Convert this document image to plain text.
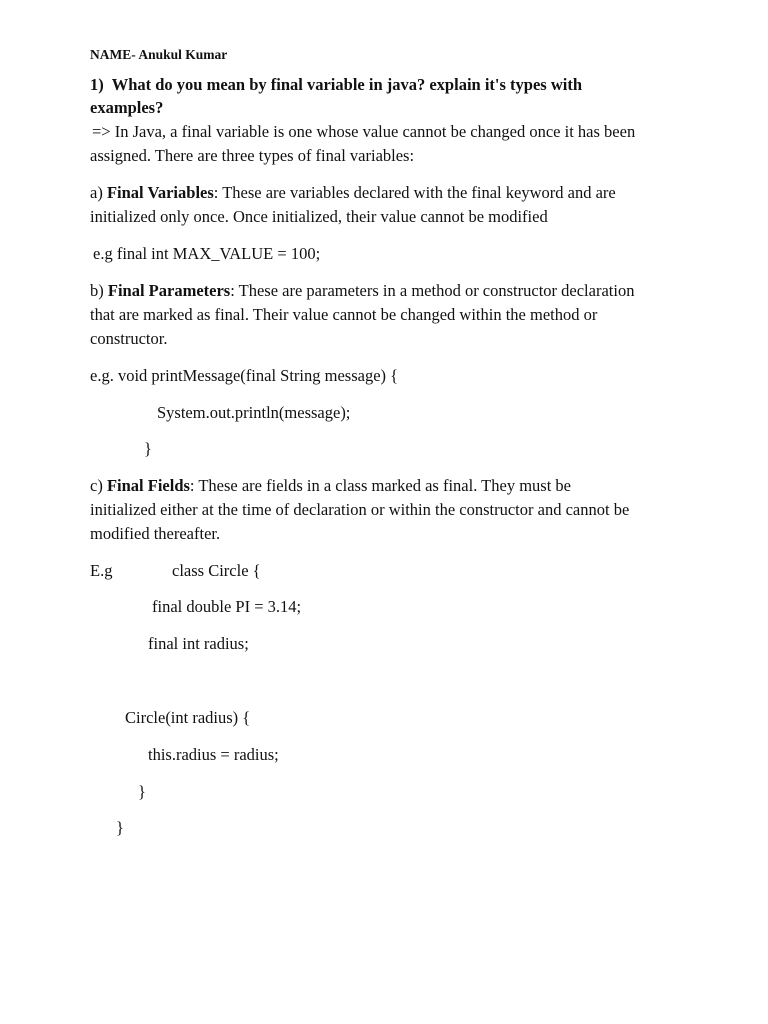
NAME- Anukul Kumar
1) What do you mean by final variable in java? explain it's types with
examples?
=> In Java, a final variable is one whose value cannot be changed once it has been
assigned. There are three types of final variables:
a) Final Variables: These are variables declared with the final keyword and are
initialized only once. Once initialized, their value cannot be modified
e.g final int MAX_VALUE = 100;
b) Final Parameters: These are parameters in a method or constructor declaration
that are marked as final. Their value cannot be changed within the method or
constructor.
e.g. void printMessage(final String message) {
System.out.println(message);
}
c) Final Fields: These are fields in a class marked as final. They must be
initialized either at the time of declaration or within the constructor and cannot be
modified thereafter.
E.g	class Circle {
final double PI = 3.14;
final int radius;
Circle(int radius) {
this.radius = radius;
}
}
